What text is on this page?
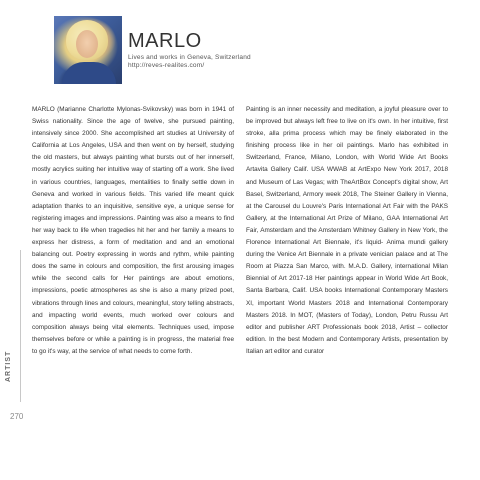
MARLO
Lives and works in Geneva, Switzerland
http://reves-realites.com/

MARLO (Marianne Charlotte Mylonas-Svikovsky) was born in 1941 of Swiss nationality. Since the age of twelve, she pursued painting, intensively since 2000. She accomplished art studies at University of California at Los Angeles, USA and then went on by herself, studying the old masters, but always painting what bursts out of her innerself, mostly acrylics suiting her intuitive way of starting off a work. She lived in various countries, languages, mentalities to finally settle down in Geneva and worked in various fields. This varied life meant quick adaptation thanks to an inquisitive, sensitive eye, a unique sense for registering images and impressions. Painting was also a means to find her way back to life when tragedies hit her and her family a means to express her distress, a form of meditation and and an emotional balancing out. Poetry expressing in words and rythm, while painting does the same in colours and composition, the first arousing images while the second calls for Her paintings are about emotions, impressions, poetic atmospheres as she is also a many prized poet, vibrations through lines and colours, meaningful, story telling abstracts, and impacting world events, much worked over colours and composition always being vital elements. Techniques used, impose themselves before or while a painting is in progress, the material free to go it's way, at the service of what needs to come forth.

Painting is an inner necessity and meditation, a joyful pleasure over to be improved but always left free to live on it's own. In her intuitive, first stroke, alla prima process which may be finely elaborated in the finishing process like in her oil paintings. Marlo has exhibited in Switzerland, France, Milano, London, with World Wide Art Books Artavita Gallery Calif. USA WWAB at ArtExpo New York 2017, 2018 and Museum of Las Vegas; with TheArtBox Concept's digital show, Art Basel, Switzerland, Armory week 2018, The Steiner Gallery in Vienna, at the Carousel du Louvre's Paris International Art Fair with the PAKS Gallery, at the International Art Prize of Milano, GAA International Art Fair, Amsterdam and the Amsterdam Whitney Gallery in New York, the Florence International Art Biennale, it's liquid- Anima mundi gallery during the Venice Art Biennale in a private venician palace and at The Room at Piazza San Marco, with. M.A.D. Gallery, international Milan Biennial of Art 2017-18 Her paintings appear in World Wide Art Book, Santa Barbara, Calif. USA books International Contemporary Masters XI, important World Masters 2018 and International Contemporary Masters 2018. In MOT, (Masters of Today), London, Petru Russu Art editor and publisher ART Professionals book 2018, Artist – collector edition. In the best Modern and Contemporary Artists, presentation by Italian art editor and curator

ARTIST
270
